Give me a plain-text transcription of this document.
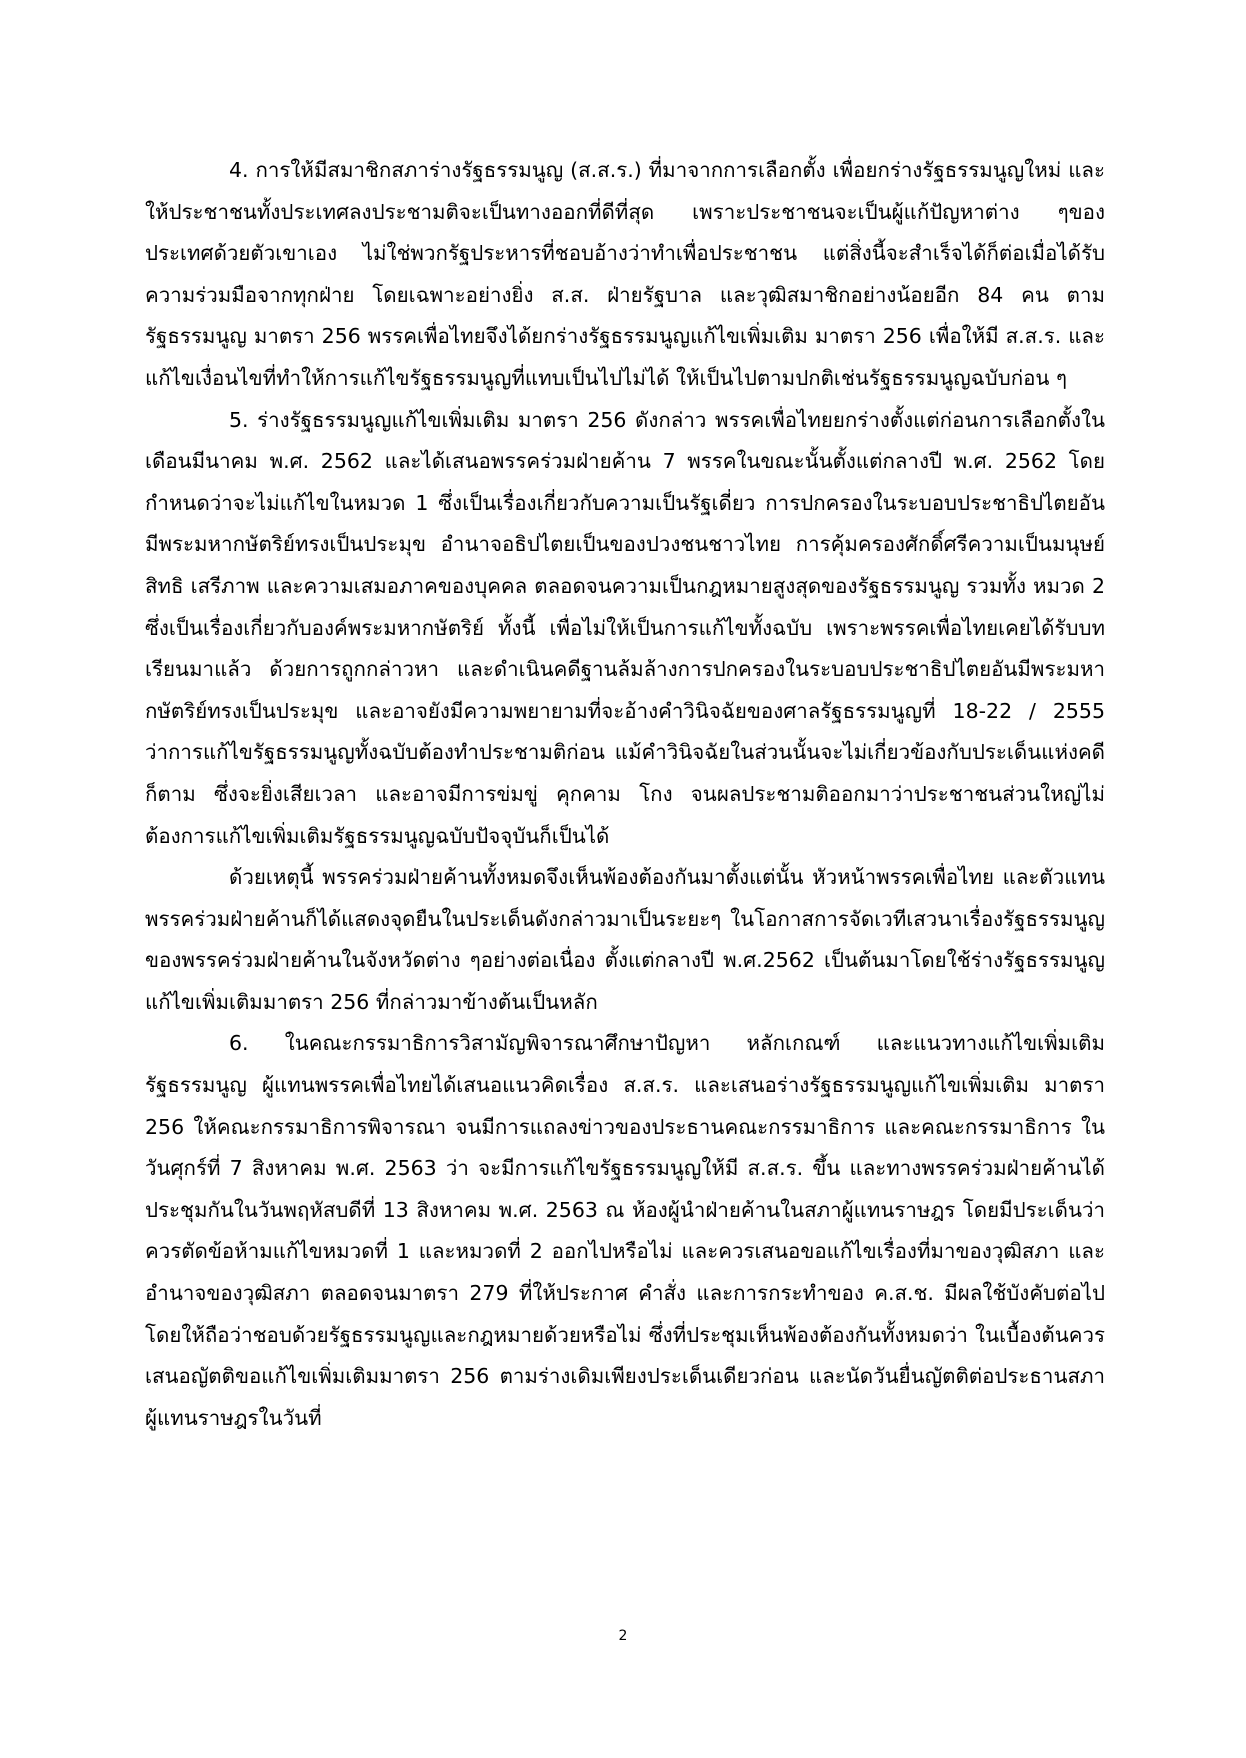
4. การให้มีสมาชิกสภาร่างรัฐธรรมนูญ (ส.ส.ร.) ที่มาจากการเลือกตั้ง เพื่อยกร่างรัฐธรรมนูญใหม่ และให้ประชาชนทั้งประเทศลงประชามติจะเป็นทางออกที่ดีที่สุด เพราะประชาชนจะเป็นผู้แก้ปัญหาต่าง ๆของประเทศด้วยตัวเขาเอง ไม่ใช่พวกรัฐประหารที่ชอบอ้างว่าทำเพื่อประชาชน แต่สิ่งนี้จะสำเร็จได้ก็ต่อเมื่อได้รับความร่วมมือจากทุกฝ่าย โดยเฉพาะอย่างยิ่ง ส.ส. ฝ่ายรัฐบาล และวุฒิสมาชิกอย่างน้อยอีก 84 คน ตามรัฐธรรมนูญ มาตรา 256 พรรคเพื่อไทยจึงได้ยกร่างรัฐธรรมนูญแก้ไขเพิ่มเติม มาตรา 256 เพื่อให้มี ส.ส.ร. และแก้ไขเงื่อนไขที่ทำให้การแก้ไขรัฐธรรมนูญที่แทบเป็นไปไม่ได้ ให้เป็นไปตามปกติเช่นรัฐธรรมนูญฉบับก่อน ๆ

5. ร่างรัฐธรรมนูญแก้ไขเพิ่มเติม มาตรา 256 ดังกล่าว พรรคเพื่อไทยยกร่างตั้งแต่ก่อนการเลือกตั้งในเดือนมีนาคม พ.ศ. 2562 และได้เสนอพรรคร่วมฝ่ายค้าน 7 พรรคในขณะนั้นตั้งแต่กลางปี พ.ศ. 2562 โดยกำหนดว่าจะไม่แก้ไขในหมวด 1 ซึ่งเป็นเรื่องเกี่ยวกับความเป็นรัฐเดี่ยว การปกครองในระบอบประชาธิปไตยอันมีพระมหากษัตริย์ทรงเป็นประมุข อำนาจอธิปไตยเป็นของปวงชนชาวไทย การคุ้มครองศักดิ์ศรีความเป็นมนุษย์ สิทธิ เสรีภาพ และความเสมอภาคของบุคคล ตลอดจนความเป็นกฎหมายสูงสุดของรัฐธรรมนูญ รวมทั้ง หมวด 2 ซึ่งเป็นเรื่องเกี่ยวกับองค์พระมหากษัตริย์ ทั้งนี้ เพื่อไม่ให้เป็นการแก้ไขทั้งฉบับ เพราะพรรคเพื่อไทยเคยได้รับบทเรียนมาแล้ว ด้วยการถูกกล่าวหา และดำเนินคดีฐานล้มล้างการปกครองในระบอบประชาธิปไตยอันมีพระมหากษัตริย์ทรงเป็นประมุข และอาจยังมีความพยายามที่จะอ้างคำวินิจฉัยของศาลรัฐธรรมนูญที่ 18-22 / 2555 ว่าการแก้ไขรัฐธรรมนูญทั้งฉบับต้องทำประชามติก่อน แม้คำวินิจฉัยในส่วนนั้นจะไม่เกี่ยวข้องกับประเด็นแห่งคดีก็ตาม ซึ่งจะยิ่งเสียเวลา และอาจมีการข่มขู่ คุกคาม โกง จนผลประชามติออกมาว่าประชาชนส่วนใหญ่ไม่ต้องการแก้ไขเพิ่มเติมรัฐธรรมนูญฉบับปัจจุบันก็เป็นได้

ด้วยเหตุนี้ พรรคร่วมฝ่ายค้านทั้งหมดจึงเห็นพ้องต้องกันมาตั้งแต่นั้น หัวหน้าพรรคเพื่อไทย และตัวแทนพรรคร่วมฝ่ายค้านก็ได้แสดงจุดยืนในประเด็นดังกล่าวมาเป็นระยะๆ ในโอกาสการจัดเวทีเสวนาเรื่องรัฐธรรมนูญของพรรคร่วมฝ่ายค้านในจังหวัดต่าง ๆอย่างต่อเนื่อง ตั้งแต่กลางปี พ.ศ.2562 เป็นต้นมาโดยใช้ร่างรัฐธรรมนูญแก้ไขเพิ่มเติมมาตรา 256 ที่กล่าวมาข้างต้นเป็นหลัก

6. ในคณะกรรมาธิการวิสามัญพิจารณาศึกษาปัญหา หลักเกณฑ์ และแนวทางแก้ไขเพิ่มเติมรัฐธรรมนูญ ผู้แทนพรรคเพื่อไทยได้เสนอแนวคิดเรื่อง ส.ส.ร. และเสนอร่างรัฐธรรมนูญแก้ไขเพิ่มเติม มาตรา 256 ให้คณะกรรมาธิการพิจารณา จนมีการแถลงข่าวของประธานคณะกรรมาธิการ และคณะกรรมาธิการ ในวันศุกร์ที่ 7 สิงหาคม พ.ศ. 2563 ว่า จะมีการแก้ไขรัฐธรรมนูญให้มี ส.ส.ร. ขึ้น และทางพรรคร่วมฝ่ายค้านได้ประชุมกันในวันพฤหัสบดีที่ 13 สิงหาคม พ.ศ. 2563 ณ ห้องผู้นำฝ่ายค้านในสภาผู้แทนราษฎร โดยมีประเด็นว่าควรตัดข้อห้ามแก้ไขหมวดที่ 1 และหมวดที่ 2 ออกไปหรือไม่ และควรเสนอขอแก้ไขเรื่องที่มาของวุฒิสภา และอำนาจของวุฒิสภา ตลอดจนมาตรา 279 ที่ให้ประกาศ คำสั่ง และการกระทำของ ค.ส.ช. มีผลใช้บังคับต่อไปโดยให้ถือว่าชอบด้วยรัฐธรรมนูญและกฎหมายด้วยหรือไม่ ซึ่งที่ประชุมเห็นพ้องต้องกันทั้งหมดว่า ในเบื้องต้นควรเสนอญัตติขอแก้ไขเพิ่มเติมมาตรา 256 ตามร่างเดิมเพียงประเด็นเดียวก่อน และนัดวันยื่นญัตติต่อประธานสภาผู้แทนราษฎรในวันที่

2
